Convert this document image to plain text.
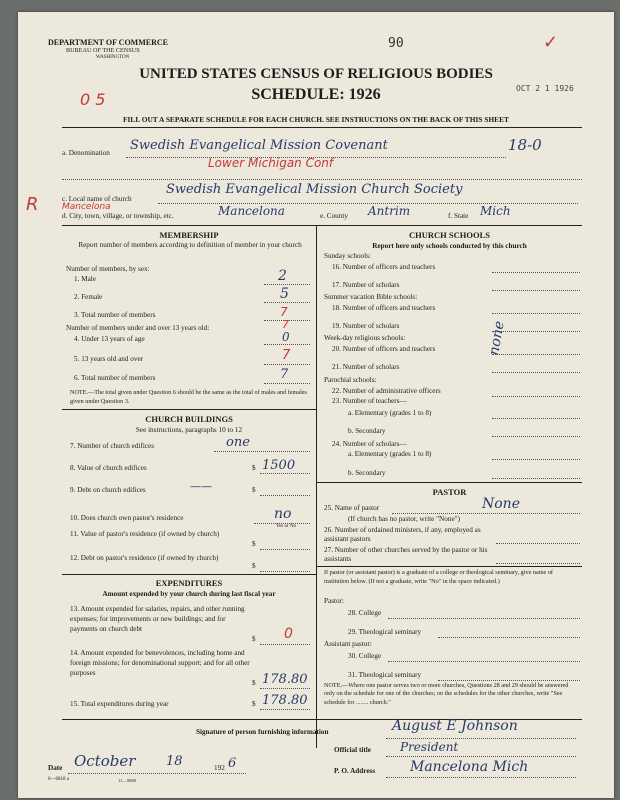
DEPARTMENT OF COMMERCE
BUREAU OF THE CENSUS
WASHINGTON
90	✓
OCT 2 1 1926
0 5
UNITED STATES CENSUS OF RELIGIOUS BODIES
SCHEDULE: 1926
FILL OUT A SEPARATE SCHEDULE FOR EACH CHURCH. SEE INSTRUCTIONS ON THE BACK OF THIS SHEET
a. Denomination Swedish Evangelical Mission Covenant	18-0
Lower Michigan Conf
c. Local name of church
Swedish Evangelical Mission Church Society
R	Mancelona
d. City, town, village, or township, etc.	Mancelona	e. County Antrim	f. State Mich
MEMBERSHIP
Report number of members according to definition of member in your church
Number of members, by sex:
1. Male	2
2. Female	5
3. Total number of members	7
Number of members under and over 13 years old:	7
4. Under 13 years of age	0
5. 13 years old and over	7
6. Total number of members	7
NOTE.—The total given under Question 6 should be the same as the total of males and females given under Question 3.
CHURCH BUILDINGS
See instructions, paragraphs 10 to 12
7. Number of church edifices	one
8. Value of church edifices	$ 1500
9. Debt on church edifices	$
——
10. Does church own pastor's residence	no
Yes or No
11. Value of pastor's residence (if owned by church)
$
12. Debt on pastor's residence (if owned by church)
$
EXPENDITURES
Amount expended by your church during last fiscal year
13. Amount expended for salaries, repairs, and other running expenses; for improvements or new buildings; and for payments on church debt
$ 0
14. Amount expended for benevolences, including home and foreign missions; for denominational support; and for all other purposes
$ 178.80
15. Total expenditures during year	$ 178.80
CHURCH SCHOOLS
Report here only schools conducted by this church
Sunday schools:
16. Number of officers and teachers
17. Number of scholars
Summer vacation Bible schools:
18. Number of officers and teachers
19. Number of scholars
Week-day religious schools:
20. Number of officers and teachers
21. Number of scholars
Parochial schools:
22. Number of administrative officers
23. Number of teachers—
a. Elementary (grades 1 to 8)
b. Secondary
24. Number of scholars—
a. Elementary (grades 1 to 8)
b. Secondary
none
PASTOR
25. Name of pastor	None
(If church has no pastor, write "None")
26. Number of ordained ministers, if any, employed as assistant pastors
27. Number of other churches served by the pastor or his assistants
If pastor (or assistant pastor) is a graduate of a college or theological seminary, give name of institution below. (If not a graduate, write "No" in the space indicated.)
Pastor:
28. College
29. Theological seminary
Assistant pastor:
30. College
31. Theological seminary
NOTE.—Where one pastor serves two or more churches, Questions 28 and 29 should be answered only on the schedule for one of the churches; on the schedules for the other churches, write "See schedule for ........ church."
Signature of person furnishing information	August E Johnson
Official title President
P. O. Address Mancelona Mich
Date October 18	192 6
6—6818 a	11—9088
